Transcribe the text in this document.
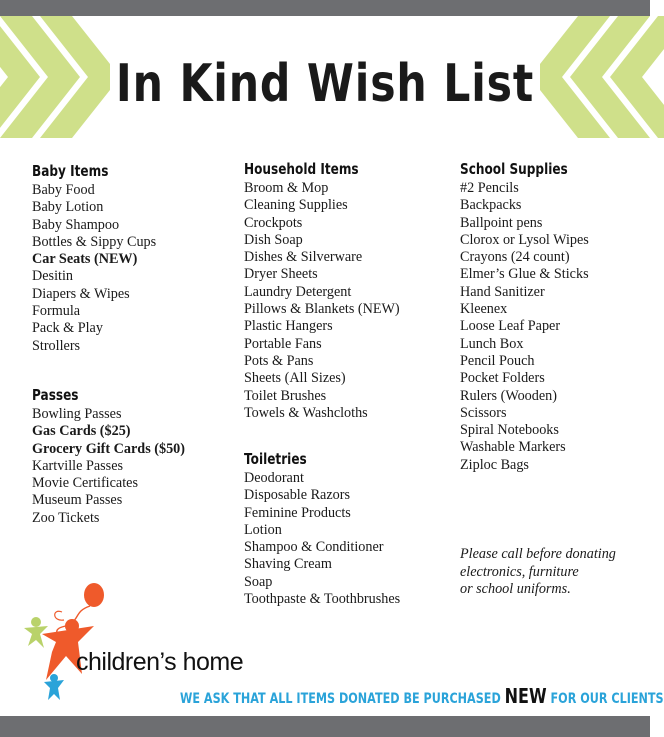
In Kind Wish List
Baby Items
Baby Food
Baby Lotion
Baby Shampoo
Bottles & Sippy Cups
Car Seats (NEW)
Desitin
Diapers & Wipes
Formula
Pack & Play
Strollers
Passes
Bowling Passes
Gas Cards ($25)
Grocery Gift Cards ($50)
Kartville Passes
Movie Certificates
Museum Passes
Zoo Tickets
Household Items
Broom & Mop
Cleaning Supplies
Crockpots
Dish Soap
Dishes & Silverware
Dryer Sheets
Laundry Detergent
Pillows & Blankets (NEW)
Plastic Hangers
Portable Fans
Pots & Pans
Sheets (All Sizes)
Toilet Brushes
Towels & Washcloths
Toiletries
Deodorant
Disposable Razors
Feminine Products
Lotion
Shampoo & Conditioner
Shaving Cream
Soap
Toothpaste & Toothbrushes
School Supplies
#2 Pencils
Backpacks
Ballpoint pens
Clorox or Lysol Wipes
Crayons (24 count)
Elmer’s Glue & Sticks
Hand Sanitizer
Kleenex
Loose Leaf Paper
Lunch Box
Pencil Pouch
Pocket Folders
Rulers (Wooden)
Scissors
Spiral Notebooks
Washable Markers
Ziploc Bags
Please call before donating
electronics, furniture
or school uniforms.
children’s home
WE ASK THAT ALL ITEMS DONATED BE PURCHASED NEW FOR OUR CLIENTS
